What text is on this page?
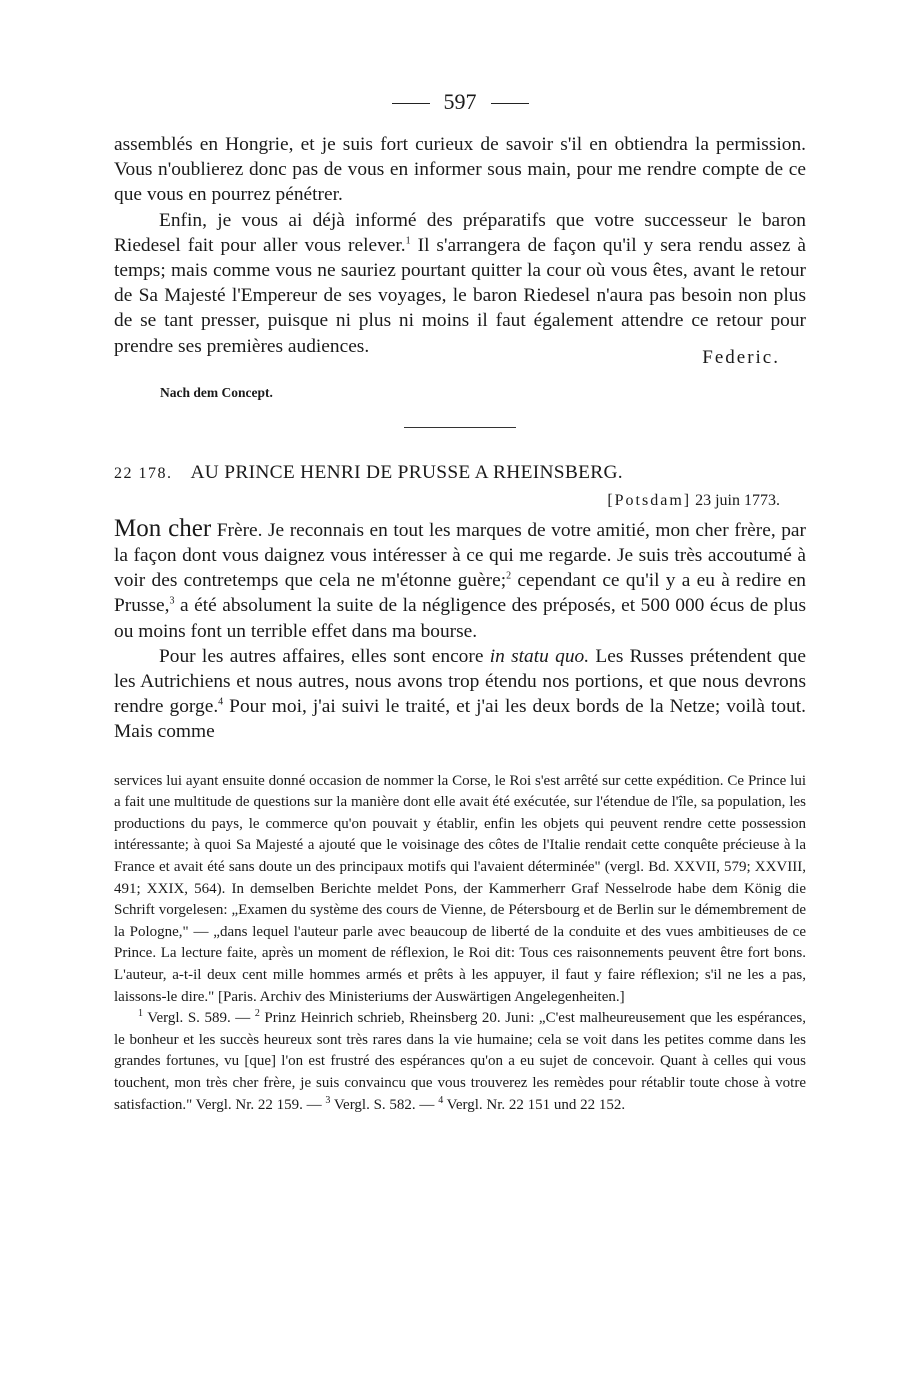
597

assemblés en Hongrie, et je suis fort curieux de savoir s'il en obtiendra la permission. Vous n'oublierez donc pas de vous en informer sous main, pour me rendre compte de ce que vous en pourrez pénétrer.

Enfin, je vous ai déjà informé des préparatifs que votre successeur le baron Riedesel fait pour aller vous relever.$^1$ Il s'arrangera de façon qu'il y sera rendu assez à temps; mais comme vous ne sauriez pourtant quitter la cour où vous êtes, avant le retour de Sa Majesté l'Empereur de ses voyages, le baron Riedesel n'aura pas besoin non plus de se tant presser, puisque ni plus ni moins il faut également attendre ce retour pour prendre ses premières audiences.

Federic.
Nach dem Concept.
22 178. AU PRINCE HENRI DE PRUSSE A RHEINSBERG.
[Potsdam] 23 juin 1773.

Mon cher Frère. Je reconnais en tout les marques de votre amitié, mon cher frère, par la façon dont vous daignez vous intéresser à ce qui me regarde. Je suis très accoutumé à voir des contretemps que cela ne m'étonne guère;$^2$ cependant ce qu'il y a eu à redire en Prusse,$^3$ a été absolument la suite de la négligence des préposés, et 500 000 écus de plus ou moins font un terrible effet dans ma bourse.

Pour les autres affaires, elles sont encore in statu quo. Les Russes prétendent que les Autrichiens et nous autres, nous avons trop étendu nos portions, et que nous devrons rendre gorge.$^4$ Pour moi, j'ai suivi le traité, et j'ai les deux bords de la Netze; voilà tout. Mais comme

services lui ayant ensuite donné occasion de nommer la Corse, le Roi s'est arrêté sur cette expédition. Ce Prince lui a fait une multitude de questions sur la manière dont elle avait été exécutée, sur l'étendue de l'île, sa population, les productions du pays, le commerce qu'on pouvait y établir, enfin les objets qui peuvent rendre cette possession intéressante; à quoi Sa Majesté a ajouté que le voisinage des côtes de l'Italie rendait cette conquête précieuse à la France et avait été sans doute un des principaux motifs qui l'avaient déterminée" (vergl. Bd. XXVII, 579; XXVIII, 491; XXIX, 564). In demselben Berichte meldet Pons, der Kammerherr Graf Nesselrode habe dem König die Schrift vorgelesen: „Examen du système des cours de Vienne, de Pétersbourg et de Berlin sur le démembrement de la Pologne," — „dans lequel l'auteur parle avec beaucoup de liberté de la conduite et des vues ambitieuses de ce Prince. La lecture faite, après un moment de réflexion, le Roi dit: Tous ces raisonnements peuvent être fort bons. L'auteur, a-t-il deux cent mille hommes armés et prêts à les appuyer, il faut y faire réflexion; s'il ne les a pas, laissons-le dire." [Paris. Archiv des Ministeriums der Auswärtigen Angelegenheiten.]

$^1$ Vergl. S. 589. — $^2$ Prinz Heinrich schrieb, Rheinsberg 20. Juni: „C'est malheureusement que les espérances, le bonheur et les succès heureux sont très rares dans la vie humaine; cela se voit dans les petites comme dans les grandes fortunes, vu [que] l'on est frustré des espérances qu'on a eu sujet de concevoir. Quant à celles qui vous touchent, mon très cher frère, je suis convaincu que vous trouverez les remèdes pour rétablir toute chose à votre satisfaction." Vergl. Nr. 22 159. — $^3$ Vergl. S. 582. — $^4$ Vergl. Nr. 22 151 und 22 152.
